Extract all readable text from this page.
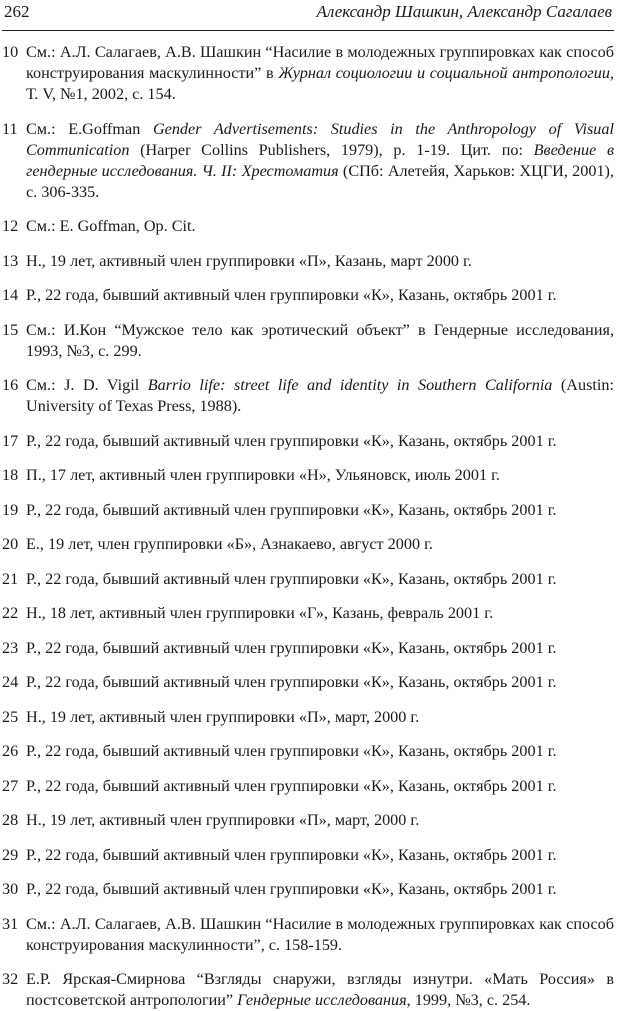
262	Александр Шашкин, Александр Сагалаев
10 См.: А.Л. Салагаев, А.В. Шашкин “Насилие в молодежных группировках как способ конструирования маскулинности” в Журнал социологии и социальной антропологии, Т. V, №1, 2002, с. 154.
11 См.: E.Goffman Gender Advertisements: Studies in the Anthropology of Visual Communication (Harper Collins Publishers, 1979), p. 1-19. Цит. по: Введение в гендерные исследования. Ч. II: Хрестоматия (СПб: Алетейя, Харьков: ХЦГИ, 2001), с. 306-335.
12 См.: E. Goffman, Op. Cit.
13 Н., 19 лет, активный член группировки «П», Казань, март 2000 г.
14 Р., 22 года, бывший активный член группировки «К», Казань, октябрь 2001 г.
15 См.: И.Кон “Мужское тело как эротический объект” в Гендерные исследования, 1993, №3, с. 299.
16 См.: J. D. Vigil Barrio life: street life and identity in Southern California (Austin: University of Texas Press, 1988).
17 Р., 22 года, бывший активный член группировки «К», Казань, октябрь 2001 г.
18 П., 17 лет, активный член группировки «Н», Ульяновск, июль 2001 г.
19 Р., 22 года, бывший активный член группировки «К», Казань, октябрь 2001 г.
20 Е., 19 лет, член группировки «Б», Азнакаево, август 2000 г.
21 Р., 22 года, бывший активный член группировки «К», Казань, октябрь 2001 г.
22 Н., 18 лет, активный член группировки «Г», Казань, февраль 2001 г.
23 Р., 22 года, бывший активный член группировки «К», Казань, октябрь 2001 г.
24 Р., 22 года, бывший активный член группировки «К», Казань, октябрь 2001 г.
25 Н., 19 лет, активный член группировки «П», март, 2000 г.
26 Р., 22 года, бывший активный член группировки «К», Казань, октябрь 2001 г.
27 Р., 22 года, бывший активный член группировки «К», Казань, октябрь 2001 г.
28 Н., 19 лет, активный член группировки «П», март, 2000 г.
29 Р., 22 года, бывший активный член группировки «К», Казань, октябрь 2001 г.
30 Р., 22 года, бывший активный член группировки «К», Казань, октябрь 2001 г.
31 См.: А.Л. Салагаев, А.В. Шашкин “Насилие в молодежных группировках как способ конструирования маскулинности”, с. 158-159.
32 Е.Р. Ярская-Смирнова “Взгляды снаружи, взгляды изнутри. «Мать Россия» в постсоветской антропологии” Гендерные исследования, 1999, №3, с. 254.
